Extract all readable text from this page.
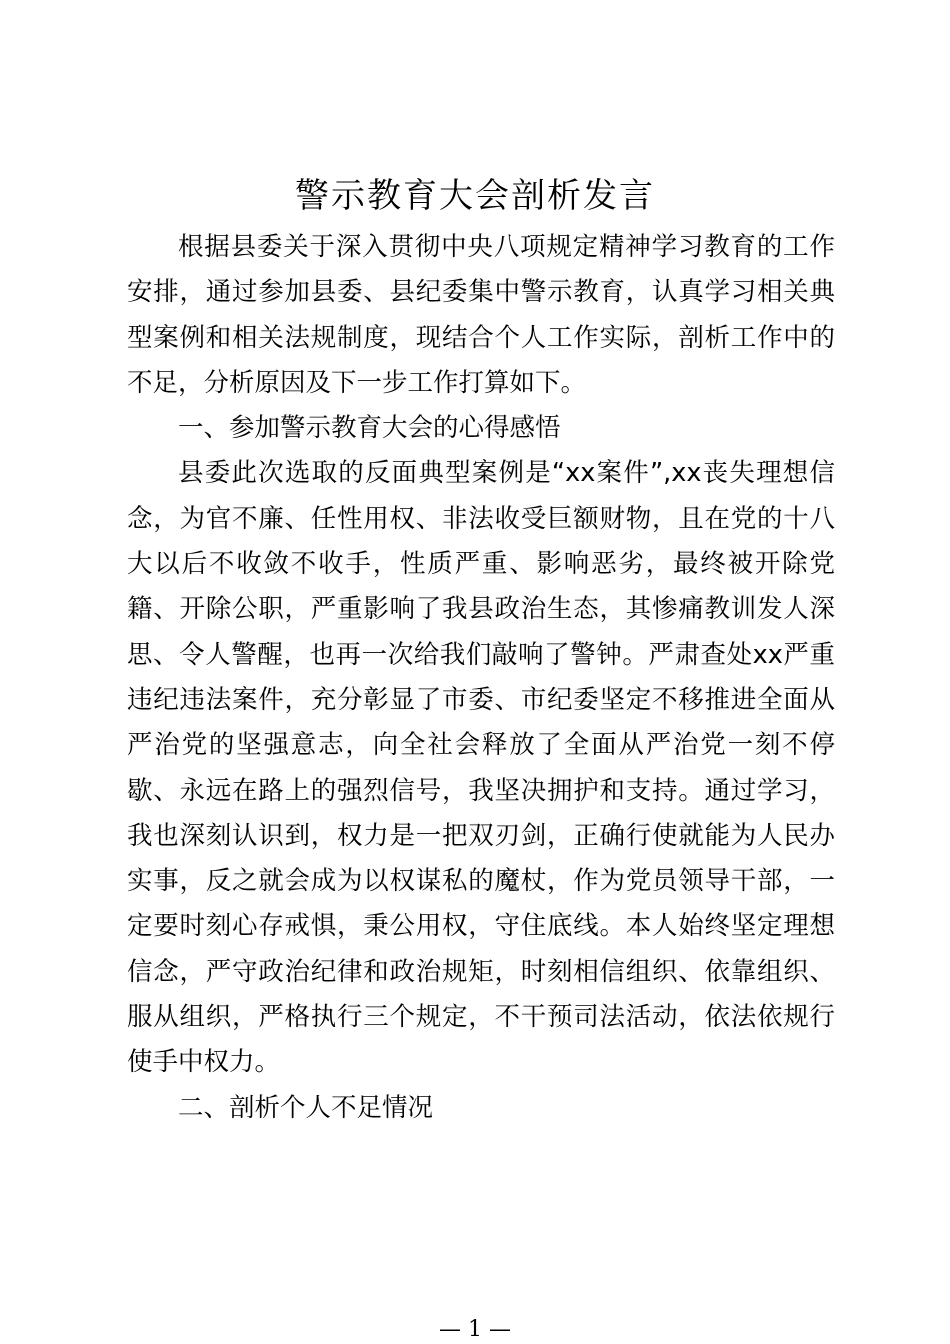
警示教育大会剖析发言

根据县委关于深入贯彻中央八项规定精神学习教育的工作安排，通过参加县委、县纪委集中警示教育，认真学习相关典型案例和相关法规制度，现结合个人工作实际，剖析工作中的不足，分析原因及下一步工作打算如下。

一、参加警示教育大会的心得感悟

县委此次选取的反面典型案例是“xx案件”,xx丧失理想信念，为官不廉、任性用权、非法收受巨额财物，且在党的十八大以后不收敛不收手，性质严重、影响恶劣，最终被开除党籍、开除公职，严重影响了我县政治生态，其惨痛教训发人深思、令人警醒，也再一次给我们敲响了警钟。严肃查处xx严重违纪违法案件，充分彰显了市委、市纪委坚定不移推进全面从严治党的坚强意志，向全社会释放了全面从严治党一刻不停歇、永远在路上的强烈信号，我坚决拥护和支持。通过学习，我也深刻认识到，权力是一把双刃剑，正确行使就能为人民办实事，反之就会成为以权谋私的魔杖，作为党员领导干部，一定要时刻心存戒惧，秉公用权，守住底线。本人始终坚定理想信念，严守政治纪律和政治规矩，时刻相信组织、依靠组织、服从组织，严格执行三个规定，不干预司法活动，依法依规行使手中权力。

二、剖析个人不足情况

— 1 —
